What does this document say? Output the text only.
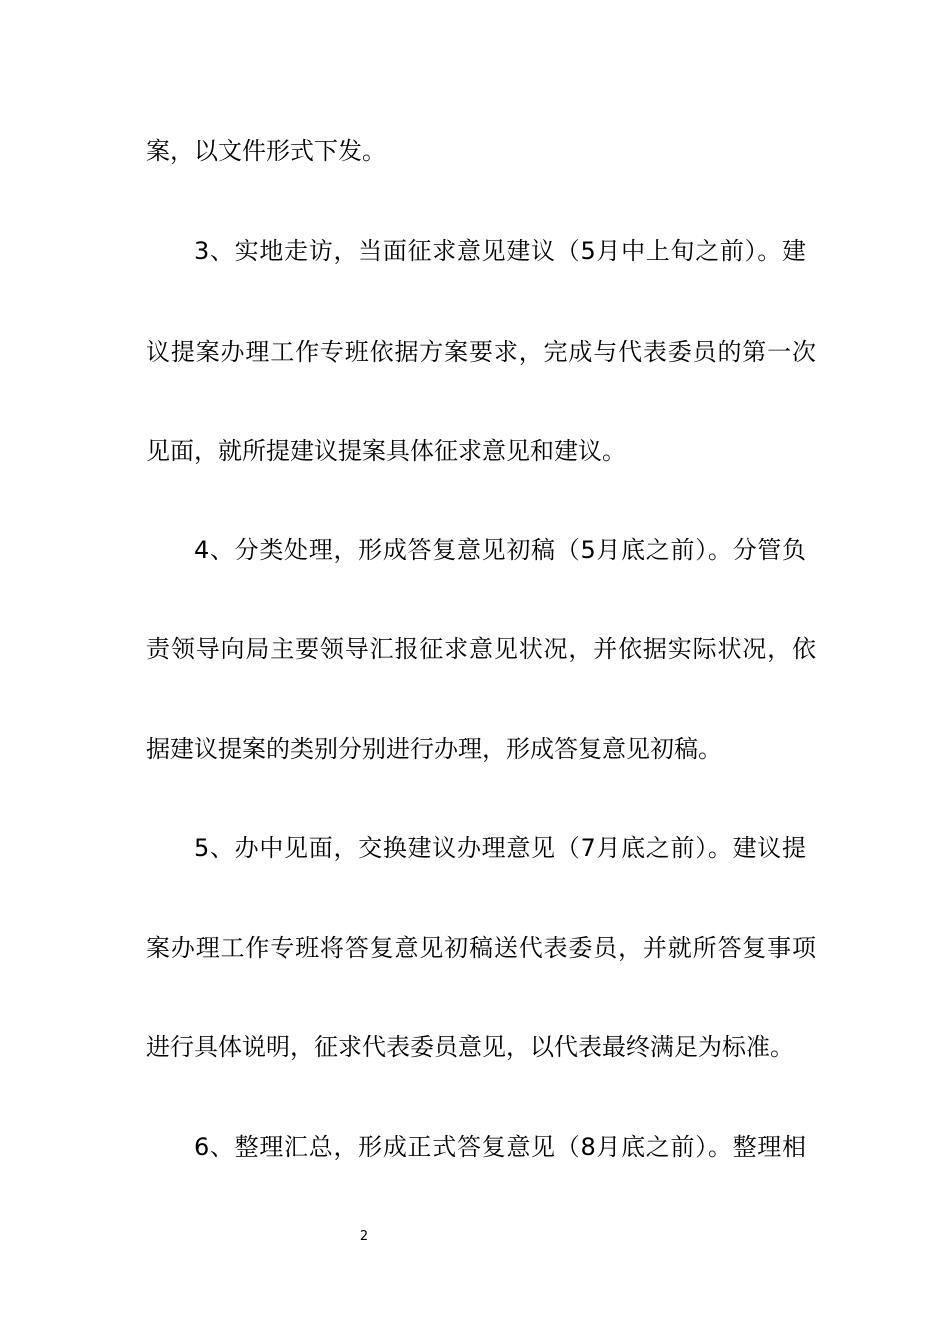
案，以文件形式下发。
3、实地走访，当面征求意见建议（5月中上旬之前）。建
议提案办理工作专班依据方案要求，完成与代表委员的第一次
见面，就所提建议提案具体征求意见和建议。
4、分类处理，形成答复意见初稿（5月底之前）。分管负
责领导向局主要领导汇报征求意见状况，并依据实际状况，依
据建议提案的类别分别进行办理，形成答复意见初稿。
5、办中见面，交换建议办理意见（7月底之前）。建议提
案办理工作专班将答复意见初稿送代表委员，并就所答复事项
进行具体说明，征求代表委员意见，以代表最终满足为标准。
6、整理汇总，形成正式答复意见（8月底之前）。整理相
2
